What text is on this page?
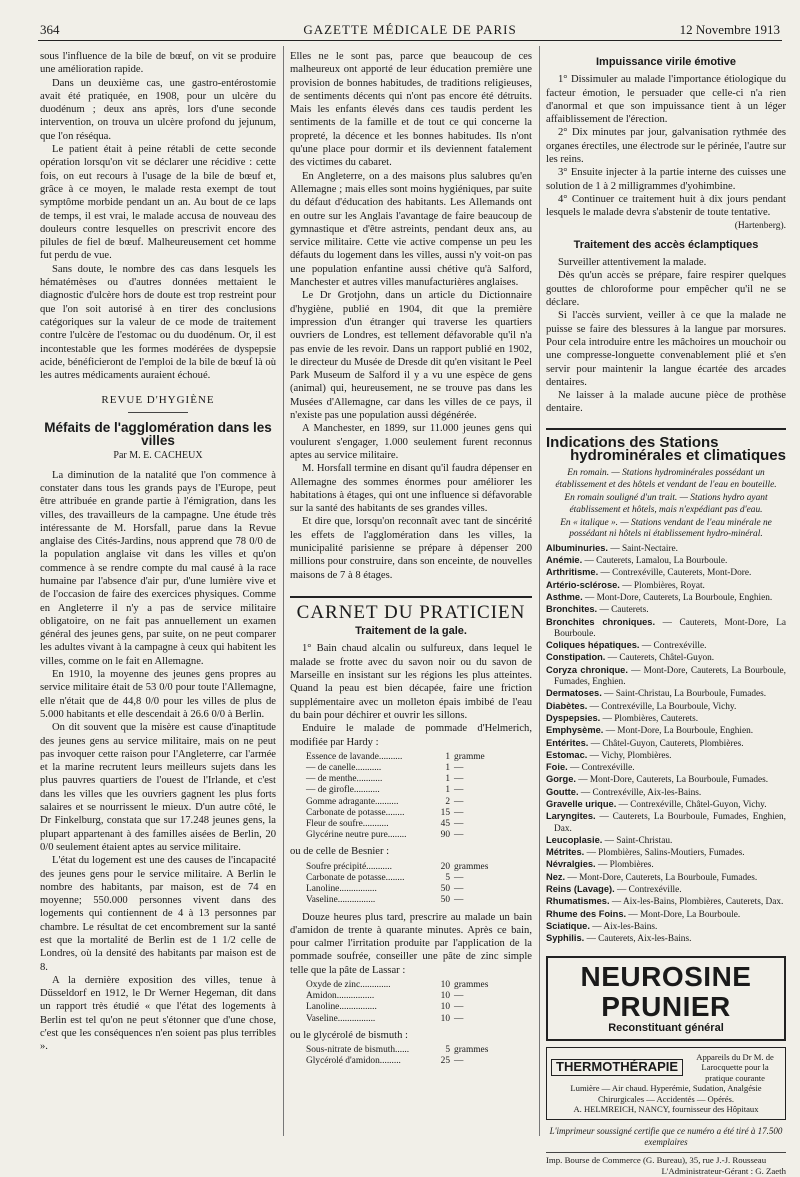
364	GAZETTE MÉDICALE DE PARIS	12 Novembre 1913

sous l'influence de la bile de bœuf, on vit se produire une amélioration rapide.

Dans un deuxième cas, une gastro-entérostomie avait été pratiquée, en 1908, pour un ulcère du duodénum ; deux ans après, lors d'une seconde intervention, on trouva un ulcère profond du jejunum, que l'on réséqua.

Le patient était à peine rétabli de cette seconde opération lorsqu'on vit se déclarer une récidive : cette fois, on eut recours à l'usage de la bile de bœuf et, grâce à ce moyen, le malade resta exempt de tout symptôme morbide pendant un an. Au bout de ce laps de temps, il est vrai, le malade accusa de nouveau des douleurs contre lesquelles on prescrivit encore des pilules de fiel de bœuf. Malheureusement cet homme fut perdu de vue.

Sans doute, le nombre des cas dans lesquels les hématémèses ou d'autres données mettaient le diagnostic d'ulcère hors de doute est trop restreint pour que l'on soit autorisé à en tirer des conclusions catégoriques sur la valeur de ce mode de traitement contre l'ulcère de l'estomac ou du duodénum. Or, il est incontestable que les formes modérées de dyspepsie acide, bénéficieront de l'emploi de la bile de bœuf là où les autres médicaments auraient échoué.

REVUE D'HYGIÈNE
Méfaits de l'agglomération dans les villes
Par M. E. CACHEUX

La diminution de la natalité que l'on commence à constater dans tous les grands pays de l'Europe, peut être attribuée en grande partie à l'émigration, dans les villes, des travailleurs de la campagne. Une étude très intéressante de M. Horsfall, parue dans la Revue anglaise des Cités-Jardins, nous apprend que 78 0/0 de la population anglaise vit dans les villes et qu'on commence à se rendre compte du mal causé à la race humaine par l'absence d'air pur, d'une lumière vive et de l'occasion de faire des exercices physiques. Comme en Angleterre il n'y a pas de service militaire obligatoire, on ne fait pas annuellement un examen général des jeunes gens, par suite, on ne peut comparer les adultes vivant à la campagne à ceux qui habitent les villes, comme on le fait en Allemagne.

En 1910, la moyenne des jeunes gens propres au service militaire était de 53 0/0 pour toute l'Allemagne, elle n'était que de 44,8 0/0 pour les villes de plus de 5.000 habitants et elle descendait à 26.6 0/0 à Berlin.

On dit souvent que la misère est cause d'inaptitude des jeunes gens au service militaire, mais on ne peut pas invoquer cette raison pour l'Angleterre, car l'armée et la marine recrutent leurs meilleurs sujets dans les plus pauvres quartiers de l'ouest de l'Irlande, et c'est dans les villes que les ouvriers gagnent les plus forts salaires et se nourrissent le mieux. D'un autre côté, le Dr Finkelburg, constata que sur 17.248 jeunes gens, la plupart appartenant à des familles aisées de Berlin, 20 0/0 seulement étaient aptes au service militaire.

L'état du logement est une des causes de l'incapacité des jeunes gens pour le service militaire. A Berlin le nombre des habitants, par maison, est de 74 en moyenne; 550.000 personnes vivent dans des logements qui contiennent de 4 à 13 personnes par chambre. Le résultat de cet encombrement sur la santé est que la mortalité de Berlin est de 1 1/2 celle de Londres, où la densité des habitants par maison est de 8.

A la dernière exposition des villes, tenue à Düsseldorf en 1912, le Dr Werner Hegeman, dit dans un rapport très étudié « que l'état des logements à Berlin est tel qu'on ne peut s'étonner que d'une chose, c'est que les conséquences n'en soient pas plus terribles ».

Elles ne le sont pas, parce que beaucoup de ces malheureux ont apporté de leur éducation première une provision de bonnes habitudes, de traditions religieuses, de sentiments décents qui n'ont pas encore été détruits. Mais les enfants élevés dans ces taudis perdent les sentiments de la famille et de tout ce qui concerne la propreté, la décence et les bonnes habitudes. Ils n'ont qu'une place pour dormir et ils deviennent fatalement des victimes du cabaret.

En Angleterre, on a des maisons plus salubres qu'en Allemagne ; mais elles sont moins hygiéniques, par suite du défaut d'éducation des habitants. Les Allemands ont en outre sur les Anglais l'avantage de faire beaucoup de gymnastique et d'être astreints, pendant deux ans, au service militaire. Cette vie active compense un peu les défauts du logement dans les villes, aussi n'y voit-on pas une population enfantine aussi chétive qu'à Salford, Manchester et autres villes manufacturières anglaises.

Le Dr Grotjohn, dans un article du Dictionnaire d'hygiène, publié en 1904, dit que la première impression d'un étranger qui traverse les quartiers ouvriers de Londres, est tellement défavorable qu'il n'a pas envie de les revoir. Dans un rapport publié en 1902, le directeur du Musée de Dresde dit qu'en visitant le Peel Park Museum de Salford il y a vu une espèce de gens (animal) qui, heureusement, ne se trouve pas dans les Musées d'Allemagne, car dans les villes de ce pays, il n'existe pas une population aussi dégénérée.

A Manchester, en 1899, sur 11.000 jeunes gens qui voulurent s'engager, 1.000 seulement furent reconnus aptes au service militaire.

M. Horsfall termine en disant qu'il faudra dépenser en Allemagne des sommes énormes pour améliorer les habitations à étages, qui ont une influence si défavorable sur la santé des habitants de ses grandes villes.

Et dire que, lorsqu'on reconnaît avec tant de sincérité les effets de l'agglomération dans les villes, la municipalité parisienne se prépare à dépenser 200 millions pour construire, dans son enceinte, de nouvelles maisons de 7 à 8 étages.

CARNET DU PRATICIEN
Traitement de la gale.

1° Bain chaud alcalin ou sulfureux, dans lequel le malade se frotte avec du savon noir ou du savon de Marseille en insistant sur les régions les plus atteintes. Quand la peau est bien décapée, faire une friction supplémentaire avec un molleton épais imbibé de l'eau du bain pour déchirer et ouvrir les sillons.

Enduire le malade de pommade d'Helmerich, modifiée par Hardy :

Essence de lavande..........	1 gramme
— de canelle...........	1 —
— de menthe...........	1 —
— de girofle...........	1 —
Gomme adragante..........	2 —
Carbonate de potasse........	15 —
Fleur de soufre...........	45 —
Glycérine neutre pure........	90 —

ou de celle de Besnier :

Soufre précipité...........	20 grammes
Carbonate de potasse........	5 —
Lanoline................	50 —
Vaseline................	50 —

Douze heures plus tard, prescrire au malade un bain d'amidon de trente à quarante minutes. Après ce bain, pour calmer l'irritation produite par l'application de la pommade soufrée, conseiller une pâte de zinc simple telle que la pâte de Lassar :

Oxyde de zinc.............	10 grammes
Amidon................	10 —
Lanoline................	10 —
Vaseline................	10 —

ou le glycérolé de bismuth :

Sous-nitrate de bismuth......	5 grammes
Glycérolé d'amidon.........	25 —
Impuissance virile émotive

1° Dissimuler au malade l'importance étiologique du facteur émotion, le persuader que celle-ci n'a rien d'anormal et que son impuissance tient à un léger affaiblissement de l'érection.

2° Dix minutes par jour, galvanisation rythmée des organes érectiles, une électrode sur le périnée, l'autre sur les reins.

3° Ensuite injecter à la partie interne des cuisses une solution de 1 à 2 milligrammes d'yohimbine.

4° Continuer ce traitement huit à dix jours pendant lesquels le malade devra s'abstenir de toute tentative.

(Hartenberg).
Traitement des accès éclamptiques

Surveiller attentivement la malade.

Dès qu'un accès se prépare, faire respirer quelques gouttes de chloroforme pour empêcher qu'il ne se déclare.

Si l'accès survient, veiller à ce que la malade ne puisse se faire des blessures à la langue par morsures. Pour cela introduire entre les mâchoires un mouchoir ou une compresse-longuette convenablement plié et s'en servir pour maintenir la langue écartée des arcades dentaires.

Ne laisser à la malade aucune pièce de prothèse dentaire.

Indications des Stations
hydrominérales et climatiques
En romain. — Stations hydrominérales possédant un établissement et des hôtels et vendant de l'eau en bouteille.
En romain souligné d'un trait. — Stations hydro ayant établissement et hôtels, mais n'expédiant pas d'eau.
En « italique ». — Stations vendant de l'eau minérale ne possédant ni hôtels ni établissement hydro-minéral.

Albuminuries. — Saint-Nectaire.

Anémie. — Cauterets, Lamalou, La Bourboule.

Arthritisme. — Contrexéville, Cauterets, Mont-Dore.

Artério-sclérose. — Plombières, Royat.

Asthme. — Mont-Dore, Cauterets, La Bourboule, Enghien.

Bronchites. — Cauterets.

Bronchites chroniques. — Cauterets, Mont-Dore, La Bourboule.

Coliques hépatiques. — Contrexéville.

Constipation. — Cauterets, Châtel-Guyon.

Coryza chronique. — Mont-Dore, Cauterets, La Bourboule, Fumades, Enghien.

Dermatoses. — Saint-Christau, La Bourboule, Fumades.

Diabètes. — Contrexéville, La Bourboule, Vichy.

Dyspepsies. — Plombières, Cauterets.

Emphysème. — Mont-Dore, La Bourboule, Enghien.

Entérites. — Châtel-Guyon, Cauterets, Plombières.

Estomac. — Vichy, Plombières.

Foie. — Contrexéville.

Gorge. — Mont-Dore, Cauterets, La Bourboule, Fumades.

Goutte. — Contrexéville, Aix-les-Bains.

Gravelle urique. — Contrexéville, Châtel-Guyon, Vichy.

Laryngites. — Cauterets, La Bourboule, Fumades, Enghien, Dax.

Leucoplasie. — Saint-Christau.

Métrites. — Plombières, Salins-Moutiers, Fumades.

Névralgies. — Plombières.

Nez. — Mont-Dore, Cauterets, La Bourboule, Fumades.

Reins (Lavage). — Contrexéville.

Rhumatismes. — Aix-les-Bains, Plombières, Cauterets, Dax.

Rhume des Foins. — Mont-Dore, La Bourboule.

Sciatique. — Aix-les-Bains.

Syphilis. — Cauterets, Aix-les-Bains.

NEUROSINE PRUNIER
Reconstituant général
THERMOTHÉRAPIE
Appareils du Dr M. de Larocquette pour la pratique courante
Lumière — Air chaud. Hyperémie, Sudation, Analgésie Chirurgicales — Accidentés — Opérés.
A. HELMREICH, NANCY, fournisseur des Hôpitaux
L'imprimeur soussigné certifie que ce numéro a été tiré à 17.500 exemplaires
Imp. Bourse de Commerce (G. Bureau), 35, rue J.-J. Rousseau
L'Administrateur-Gérant : G. Zaeth
